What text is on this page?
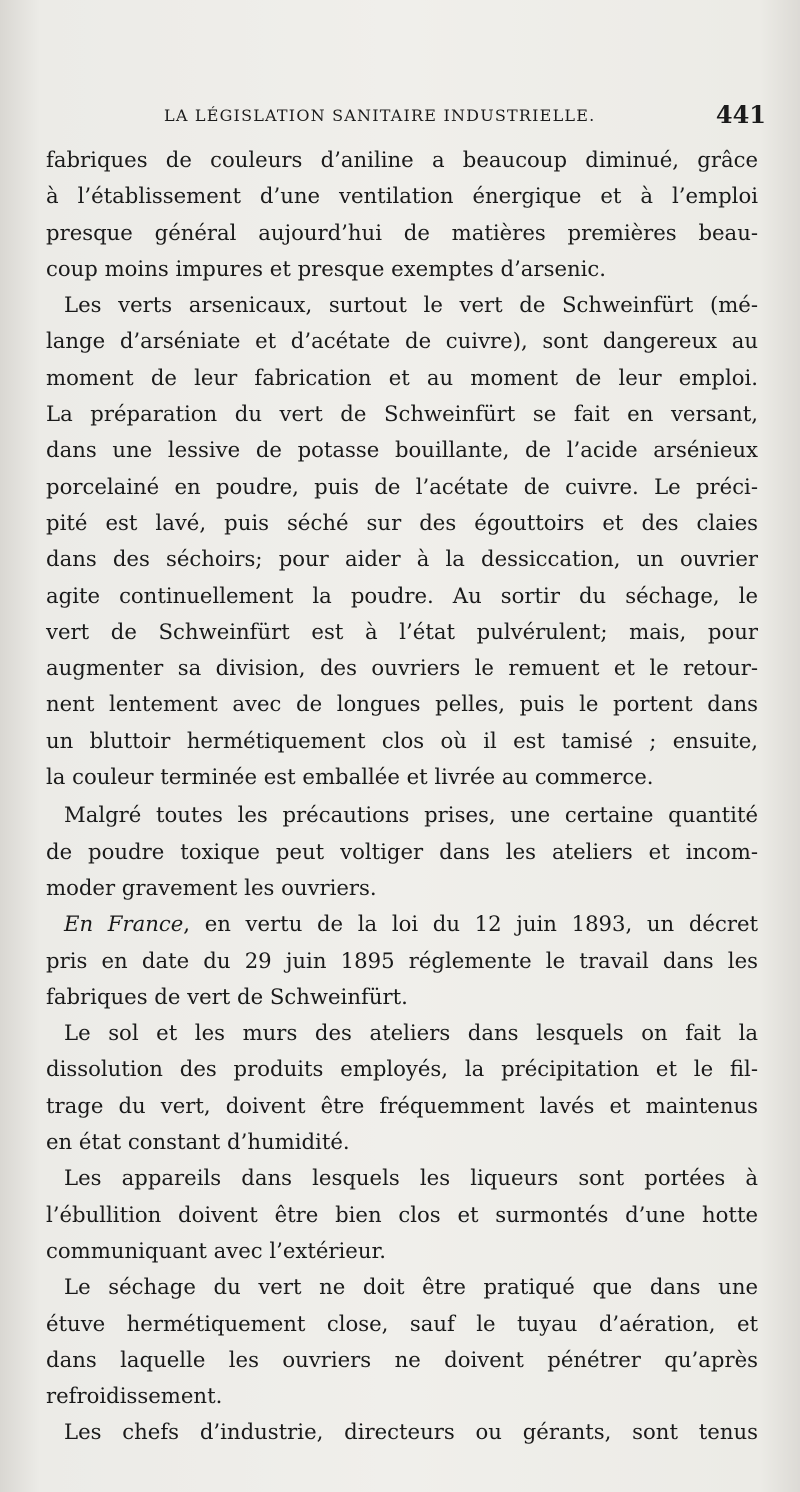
LA LÉGISLATION SANITAIRE INDUSTRIELLE.	441
fabriques de couleurs d’aniline a beaucoup diminué, grâce
à l’établissement d’une ventilation énergique et à l’emploi
presque général aujourd’hui de matières premières beau-
coup moins impures et presque exemptes d’arsenic.
Les verts arsenicaux, surtout le vert de Schweinfürt (mé-
lange d’arséniate et d’acétate de cuivre), sont dangereux au
moment de leur fabrication et au moment de leur emploi.
La préparation du vert de Schweinfürt se fait en versant,
dans une lessive de potasse bouillante, de l’acide arsénieux
porcelainé en poudre, puis de l’acétate de cuivre. Le préci-
pité est lavé, puis séché sur des égouttoirs et des claies
dans des séchoirs; pour aider à la dessiccation, un ouvrier
agite continuellement la poudre. Au sortir du séchage, le
vert de Schweinfürt est à l’état pulvérulent; mais, pour
augmenter sa division, des ouvriers le remuent et le retour-
nent lentement avec de longues pelles, puis le portent dans
un bluttoir hermétiquement clos où il est tamisé ; ensuite,
la couleur terminée est emballée et livrée au commerce.
Malgré toutes les précautions prises, une certaine quantité
de poudre toxique peut voltiger dans les ateliers et incom-
moder gravement les ouvriers.
En France, en vertu de la loi du 12 juin 1893, un décret
pris en date du 29 juin 1895 réglemente le travail dans les
fabriques de vert de Schweinfürt.
Le sol et les murs des ateliers dans lesquels on fait la
dissolution des produits employés, la précipitation et le fil-
trage du vert, doivent être fréquemment lavés et maintenus
en état constant d’humidité.
Les appareils dans lesquels les liqueurs sont portées à
l’ébullition doivent être bien clos et surmontés d’une hotte
communiquant avec l’extérieur.
Le séchage du vert ne doit être pratiqué que dans une
étuve hermétiquement close, sauf le tuyau d’aération, et
dans laquelle les ouvriers ne doivent pénétrer qu’après
refroidissement.
Les chefs d’industrie, directeurs ou gérants, sont tenus
